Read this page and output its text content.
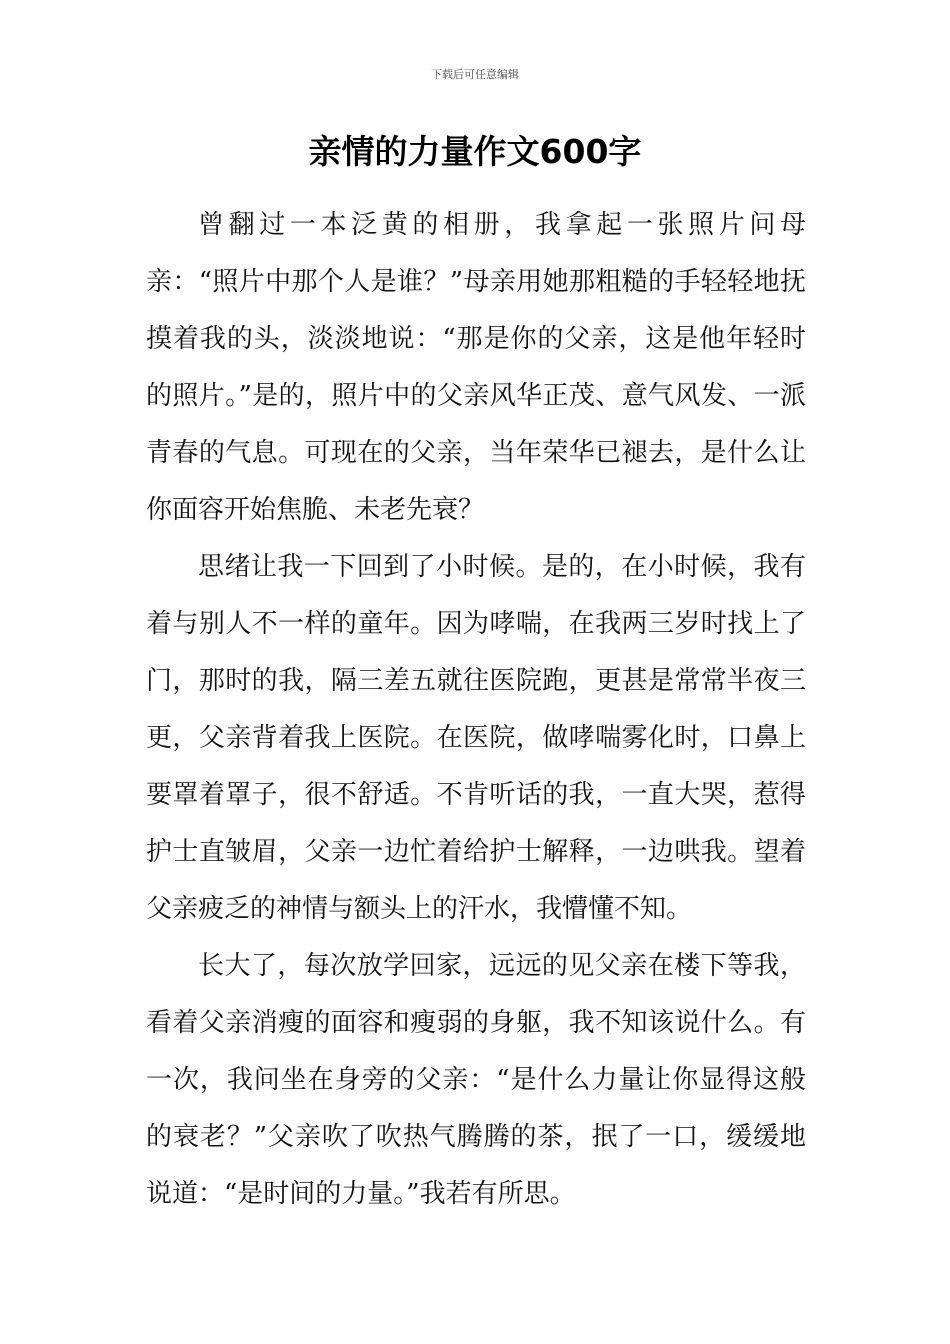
下载后可任意编辑
亲情的力量作文600字

曾翻过一本泛黄的相册，我拿起一张照片问母亲：“照片中那个人是谁？”母亲用她那粗糙的手轻轻地抚摸着我的头，淡淡地说：“那是你的父亲，这是他年轻时的照片。”是的，照片中的父亲风华正茂、意气风发、一派青春的气息。可现在的父亲，当年荣华已褪去，是什么让你面容开始焦脆、未老先衰？

思绪让我一下回到了小时候。是的，在小时候，我有着与别人不一样的童年。因为哮喘，在我两三岁时找上了门，那时的我，隔三差五就往医院跑，更甚是常常半夜三更，父亲背着我上医院。在医院，做哮喘雾化时，口鼻上要罩着罩子，很不舒适。不肯听话的我，一直大哭，惹得护士直皱眉，父亲一边忙着给护士解释，一边哄我。望着父亲疲乏的神情与额头上的汗水，我懵懂不知。

长大了，每次放学回家，远远的见父亲在楼下等我，看着父亲消瘦的面容和瘦弱的身躯，我不知该说什么。有一次，我问坐在身旁的父亲：“是什么力量让你显得这般的衰老？”父亲吹了吹热气腾腾的茶，抿了一口，缓缓地说道：“是时间的力量。”我若有所思。
